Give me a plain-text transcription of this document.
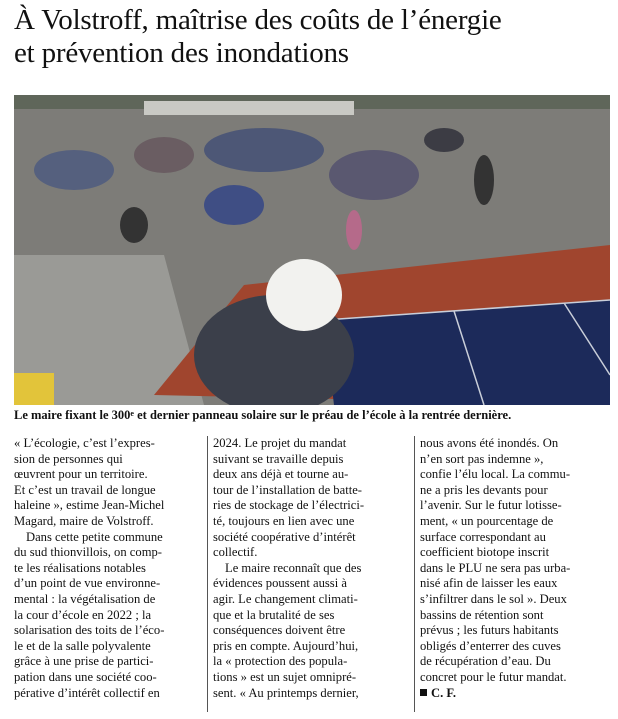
À Volstroff, maîtrise des coûts de l’énergie
et prévention des inondations
Le maire fixant le 300e et dernier panneau solaire sur le préau de l’école à la rentrée dernière.

« L’écologie, c’est l’expres-

sion de personnes qui

œuvrent pour un territoire.

Et c’est un travail de longue

haleine », estime Jean-Michel

Magard, maire de Volstroff.

Dans cette petite commune

du sud thionvillois, on comp-

te les réalisations notables

d’un point de vue environne-

mental : la végétalisation de

la cour d’école en 2022 ; la

solarisation des toits de l’éco-

le et de la salle polyvalente

grâce à une prise de partici-

pation dans une société coo-

pérative d’intérêt collectif en

2024. Le projet du mandat

suivant se travaille depuis

deux ans déjà et tourne au-

tour de l’installation de batte-

ries de stockage de l’électrici-

té, toujours en lien avec une

société coopérative d’intérêt

collectif.

Le maire reconnaît que des

évidences poussent aussi à

agir. Le changement climati-

que et la brutalité de ses

conséquences doivent être

pris en compte. Aujourd’hui,

la « protection des popula-

tions » est un sujet omnipré-

sent. « Au printemps dernier,

nous avons été inondés. On

n’en sort pas indemne »,

confie l’élu local. La commu-

ne a pris les devants pour

l’avenir. Sur le futur lotisse-

ment, « un pourcentage de

surface correspondant au

coefficient biotope inscrit

dans le PLU ne sera pas urba-

nisé afin de laisser les eaux

s’infiltrer dans le sol ». Deux

bassins de rétention sont

prévus ; les futurs habitants

obligés d’enterrer des cuves

de récupération d’eau. Du

concret pour le futur mandat.

C. F.
